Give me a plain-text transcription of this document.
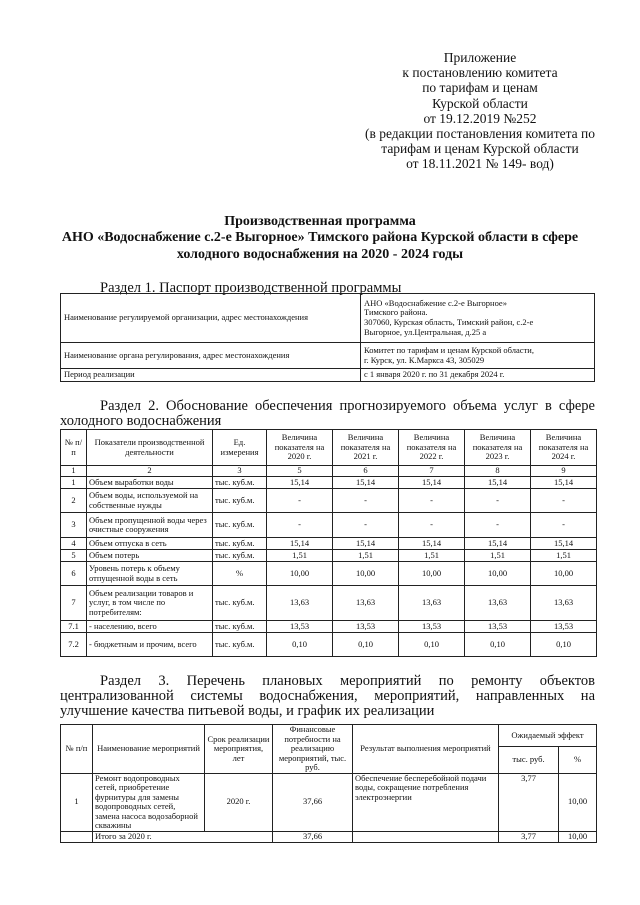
Приложение
к постановлению комитета
по тарифам и ценам
Курской области
от 19.12.2019 №252
(в редакции постановления комитета по
тарифам и ценам Курской области
от 18.11.2021 № 149- вод)
Производственная программа
АНО «Водоснабжение с.2-е Выгорное» Тимского района Курской области в сфере
холодного водоснабжения на 2020 - 2024 годы
Раздел 1. Паспорт производственной программы
Наименование регулируемой организации, адрес местонахождения	АНО «Водоснабжение с.2-е Выгорное»
Тимского района.
307060, Курская область, Тимский район, с.2-е
Выгорное, ул.Центральная, д.25 а

Наименование органа регулирования, адрес местонахождения	Комитет по тарифам и ценам Курской области,
г. Курск, ул. К.Маркса 43, 305029

Период реализации	с 1 января 2020 г. по 31 декабря 2024 г.
Раздел 2. Обоснование обеспечения прогнозируемого объема услуг в сфере холодного водоснабжения
№ п/п	Показатели производственной деятельности	Ед. измерения	Величина показателя на 2020 г.	Величина показателя на 2021 г.	Величина показателя на 2022 г.	Величина показателя на 2023 г.	Величина показателя на 2024 г.
1	2	3	5	6	7	8	9
1	Объем выработки воды	тыс. куб.м.	15,14	15,14	15,14	15,14	15,14
2	Объем воды, используемой на собственные нужды	тыс. куб.м.	-	-	-	-	-
3	Объем пропущенной воды через очистные сооружения	тыс. куб.м.	-	-	-	-	-
4	Объем отпуска в сеть	тыс. куб.м.	15,14	15,14	15,14	15,14	15,14
5	Объем потерь	тыс. куб.м.	1,51	1,51	1,51	1,51	1,51
6	Уровень потерь к объему отпущенной воды в сеть	%	10,00	10,00	10,00	10,00	10,00
7	Объем реализации товаров и услуг, в том числе по потребителям:	тыс. куб.м.	13,63	13,63	13,63	13,63	13,63
7.1	- населению, всего	тыс. куб.м.	13,53	13,53	13,53	13,53	13,53
7.2	- бюджетным и прочим, всего	тыс. куб.м.	0,10	0,10	0,10	0,10	0,10
Раздел 3. Перечень плановых мероприятий по ремонту объектов централизованной системы водоснабжения, мероприятий, направленных на улучшение качества питьевой воды, и график их реализации
№ п/п	Наименование мероприятий	Срок реализации мероприятия, лет	Финансовые потребности на реализацию мероприятий, тыс. руб.	Результат выполнения мероприятий	Ожидаемый эффект	
					тыс. руб.	%
1	Ремонт водопроводных сетей, приобретение фурнитуры для замены водопроводных сетей, замена насоса водозаборной скважины	2020 г.	37,66	Обеспечение бесперебойной подачи воды, сокращение потребления электроэнергии	3,77	10,00
	Итого за 2020 г.		37,66		3,77	10,00
